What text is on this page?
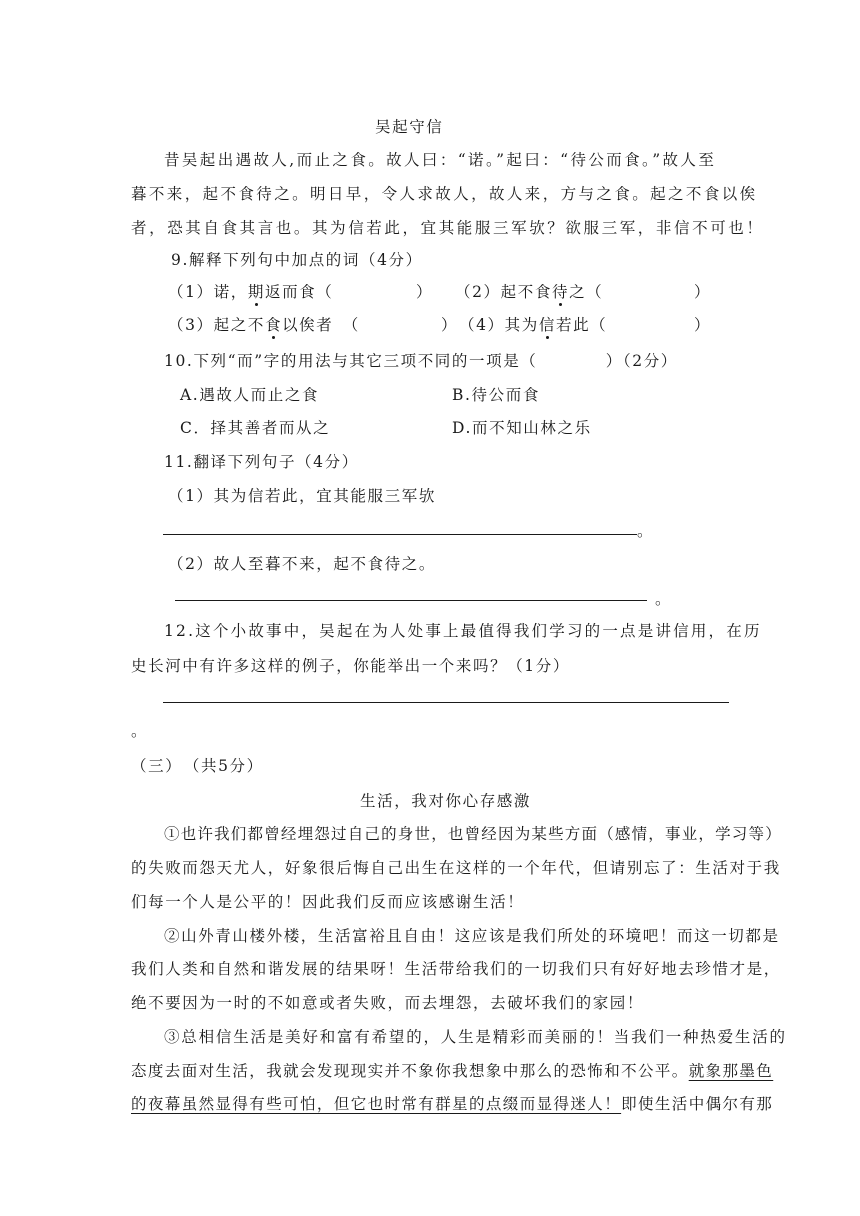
吴起守信
昔吴起出遇故人,而止之食。故人曰：“诺。”起曰：“待公而食。”故人至
暮不来，起不食待之。明日早，令人求故人，故人来，方与之食。起之不食以俟
者，恐其自食其言也。其为信若此，宜其能服三军欤？欲服三军，非信不可也！
9.解释下列句中加点的词（4分）
（1）诺，期返而食（	） （2）起不食待之（	）
（3）起之不食以俟者　（	） （4）其为信若此（	）
10.下列“而”字的用法与其它三项不同的一项是（　　　　）（2分）
A.遇故人而止之食	B.待公而食
C．择其善者而从之	D.而不知山林之乐
11.翻译下列句子（4分）
（1）其为信若此，宜其能服三军欤
。
（2）故人至暮不来，起不食待之。
。
12.这个小故事中，吴起在为人处事上最值得我们学习的一点是讲信用，在历
史长河中有许多这样的例子，你能举出一个来吗？（1分）
。
（三）　（共5分）
生活，我对你心存感激
①也许我们都曾经埋怨过自己的身世，也曾经因为某些方面（感情，事业，学习等）
的失败而怨天尤人，好象很后悔自己出生在这样的一个年代，但请别忘了：生活对于我
们每一个人是公平的！因此我们反而应该感谢生活！
②山外青山楼外楼，生活富裕且自由！这应该是我们所处的环境吧！而这一切都是
我们人类和自然和谐发展的结果呀！生活带给我们的一切我们只有好好地去珍惜才是，
绝不要因为一时的不如意或者失败，而去埋怨，去破坏我们的家园！
③总相信生活是美好和富有希望的，人生是精彩而美丽的！当我们一种热爱生活的
态度去面对生活，我就会发现现实并不象你我想象中那么的恐怖和不公平。就象那墨色
的夜幕虽然显得有些可怕，但它也时常有群星的点缀而显得迷人！即使生活中偶尔有那
